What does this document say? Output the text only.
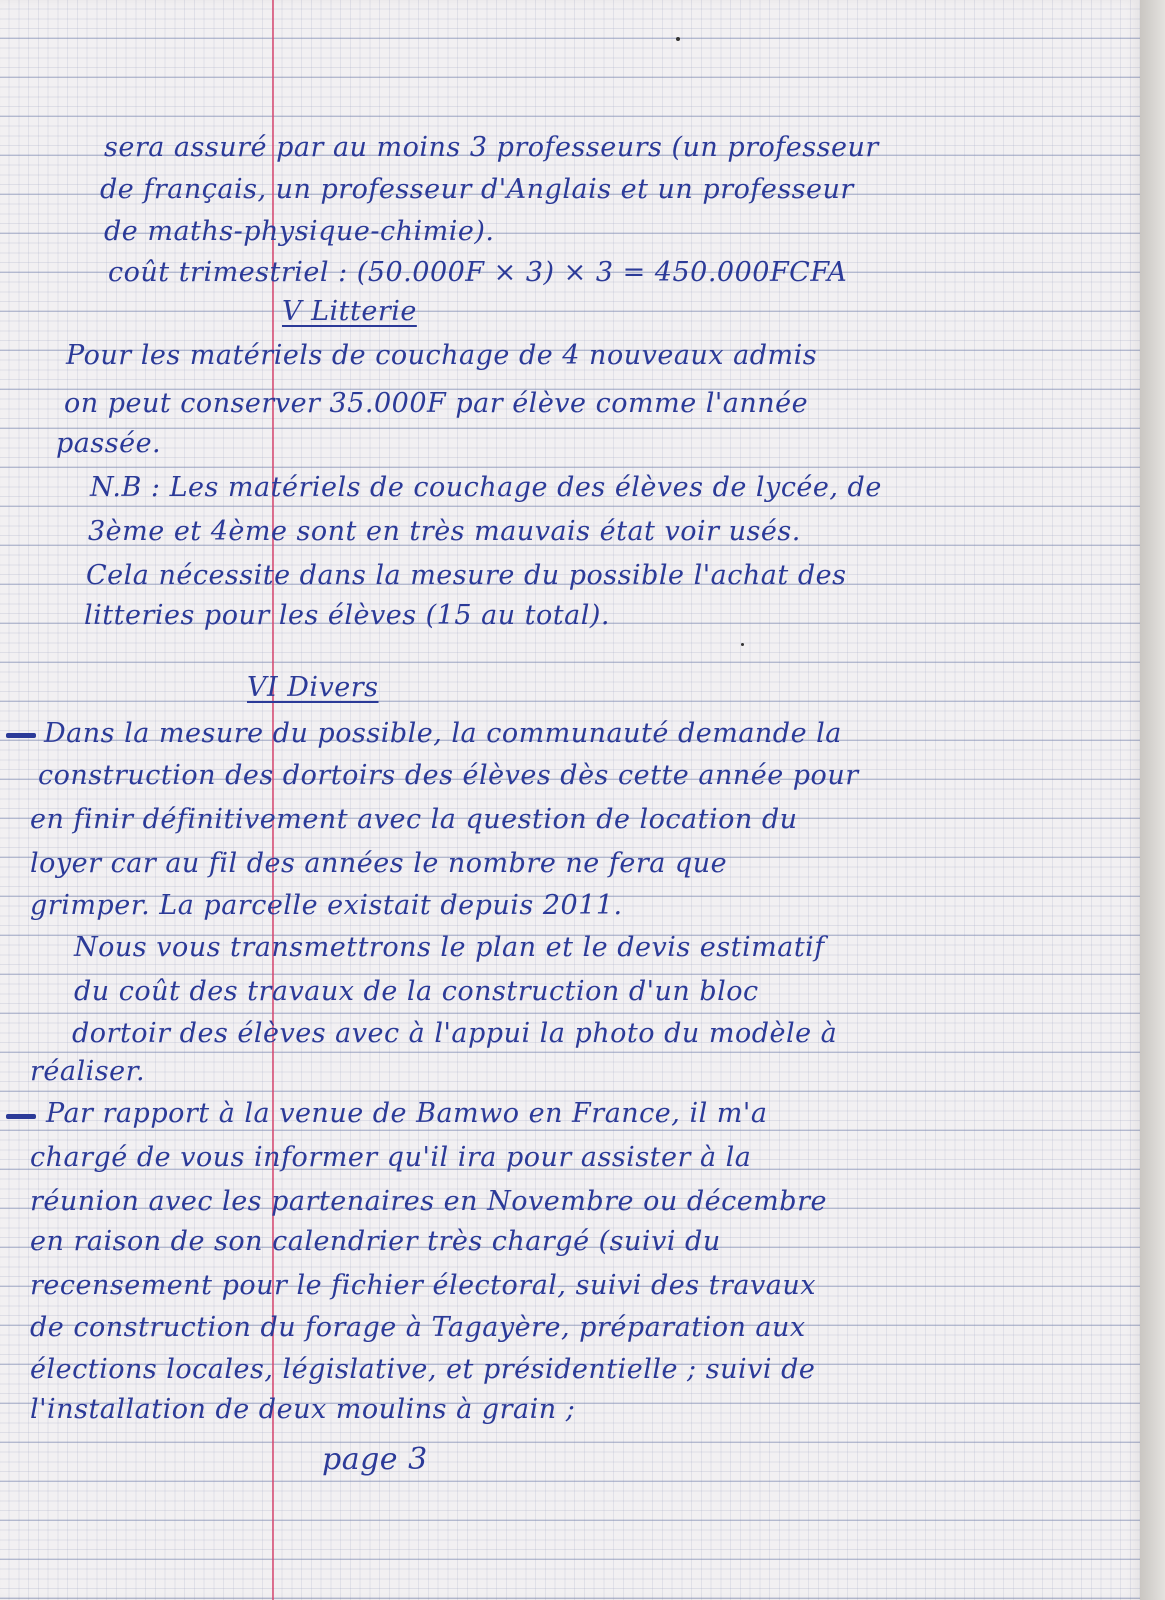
sera assuré par au moins 3 professeurs (un professeur

de français, un professeur d'Anglais et un professeur

de maths-physique-chimie).

coût trimestriel : (50.000F × 3) × 3 = 450.000FCFA

V Litterie

Pour les matériels de couchage de 4 nouveaux admis

on peut conserver 35.000F par élève comme l'année

passée.

N.B : Les matériels de couchage des élèves de lycée, de

3ème et 4ème sont en très mauvais état voir usés.

Cela nécessite dans la mesure du possible l'achat des

litteries pour les élèves (15 au total).

VI Divers

Dans la mesure du possible, la communauté demande la

construction des dortoirs des élèves dès cette année pour

en finir définitivement avec la question de location du

loyer car au fil des années le nombre ne fera que

grimper. La parcelle existait depuis 2011.

Nous vous transmettrons le plan et le devis estimatif

du coût des travaux de la construction d'un bloc

dortoir des élèves avec à l'appui la photo du modèle à

réaliser.

Par rapport à la venue de Bamwo en France, il m'a

chargé de vous informer qu'il ira pour assister à la

réunion avec les partenaires en Novembre ou décembre

en raison de son calendrier très chargé (suivi du

recensement pour le fichier électoral, suivi des travaux

de construction du forage à Tagayère, préparation aux

élections locales, législative, et présidentielle ; suivi de

l'installation de deux moulins à grain ;

page 3
